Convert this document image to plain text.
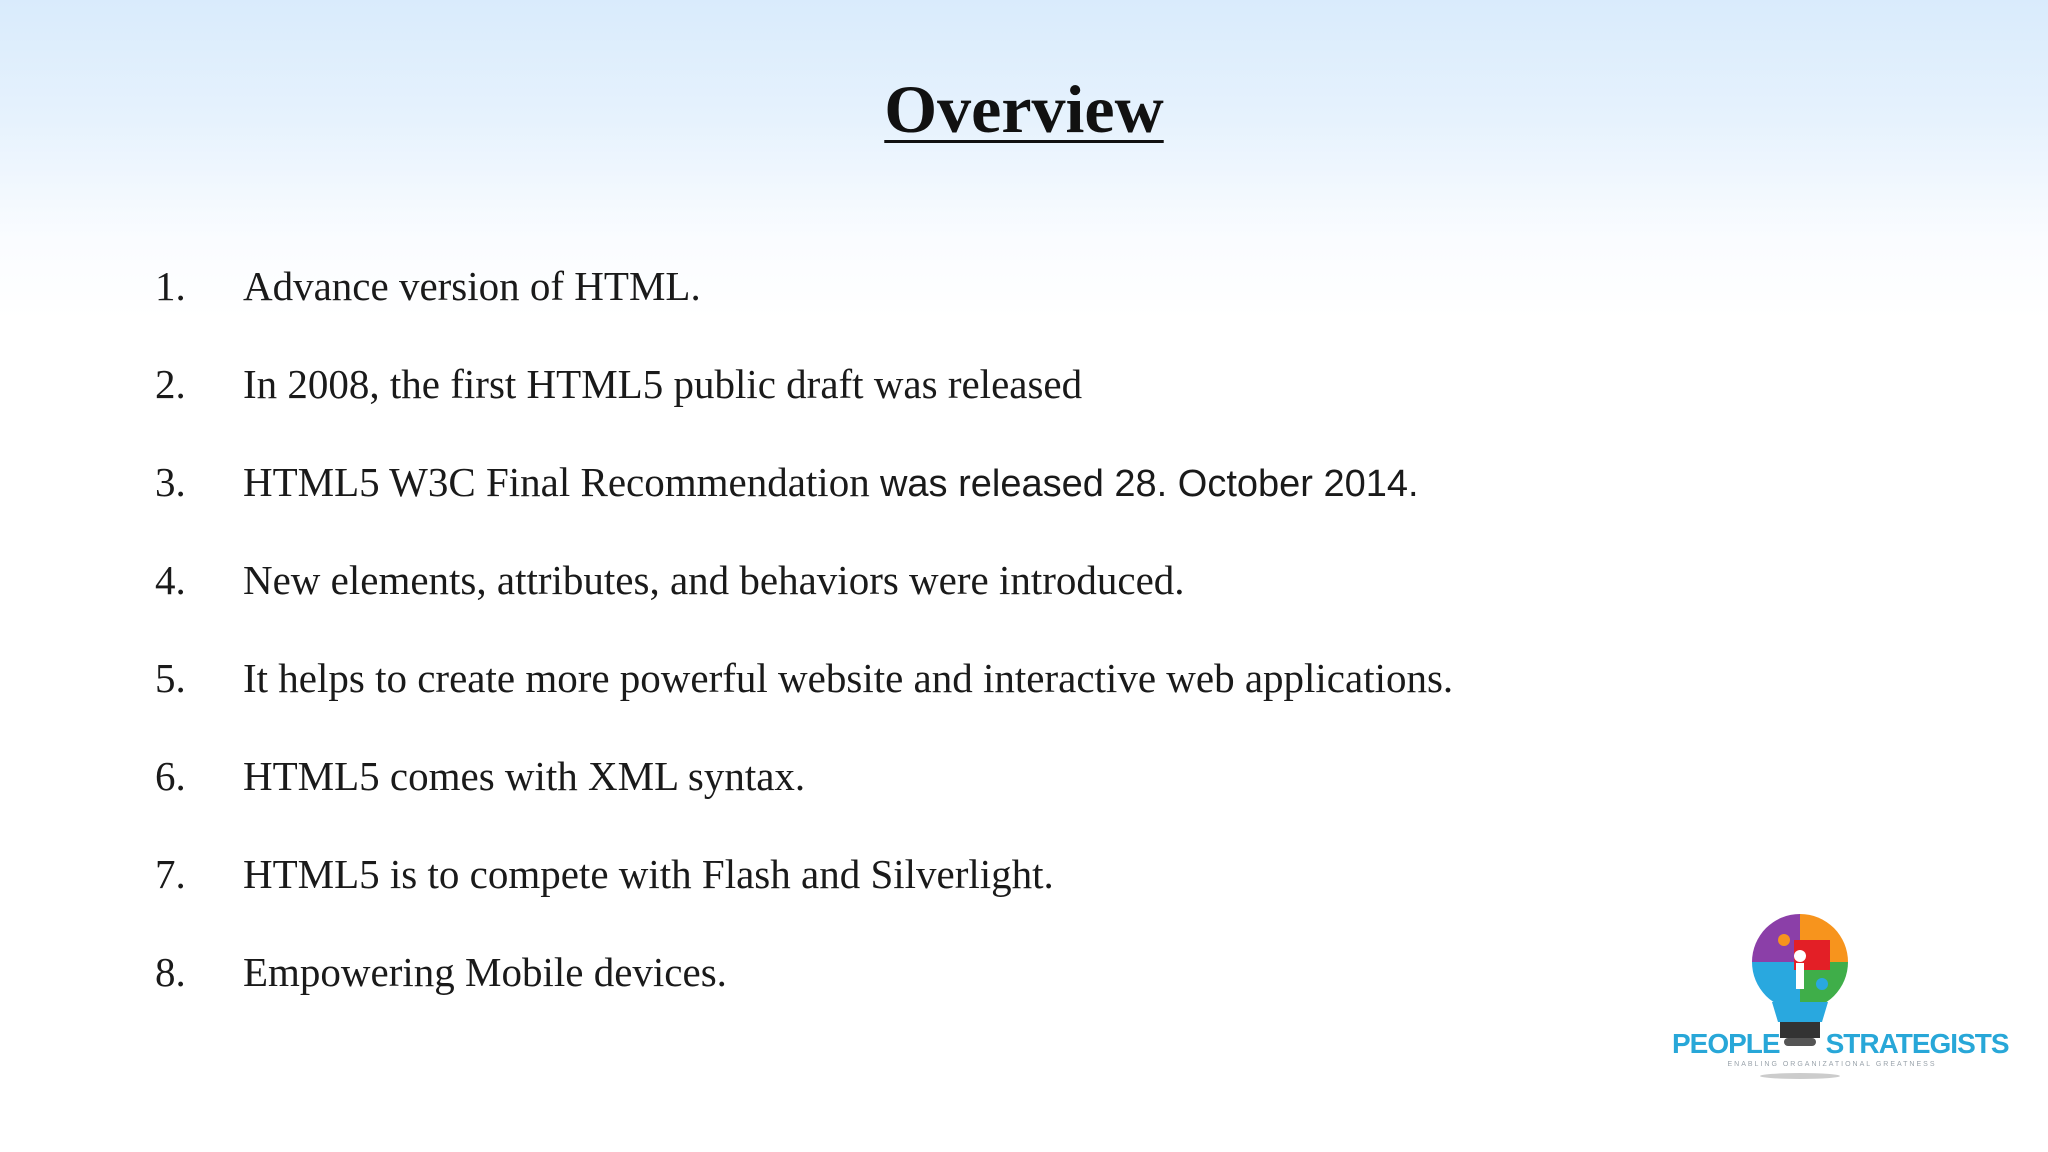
Overview
1.	Advance version of HTML.
2.	In 2008, the first HTML5 public draft was released
3.	HTML5 W3C Final Recommendation was released 28. October 2014.
4.	New elements, attributes, and behaviors were introduced.
5.	It helps to create more powerful website and interactive web applications.
6.	HTML5 comes with XML syntax.
7.	HTML5 is to compete with Flash and Silverlight.
8.	Empowering Mobile devices.
PEOPLE STRATEGISTS
ENABLING ORGANIZATIONAL GREATNESS
